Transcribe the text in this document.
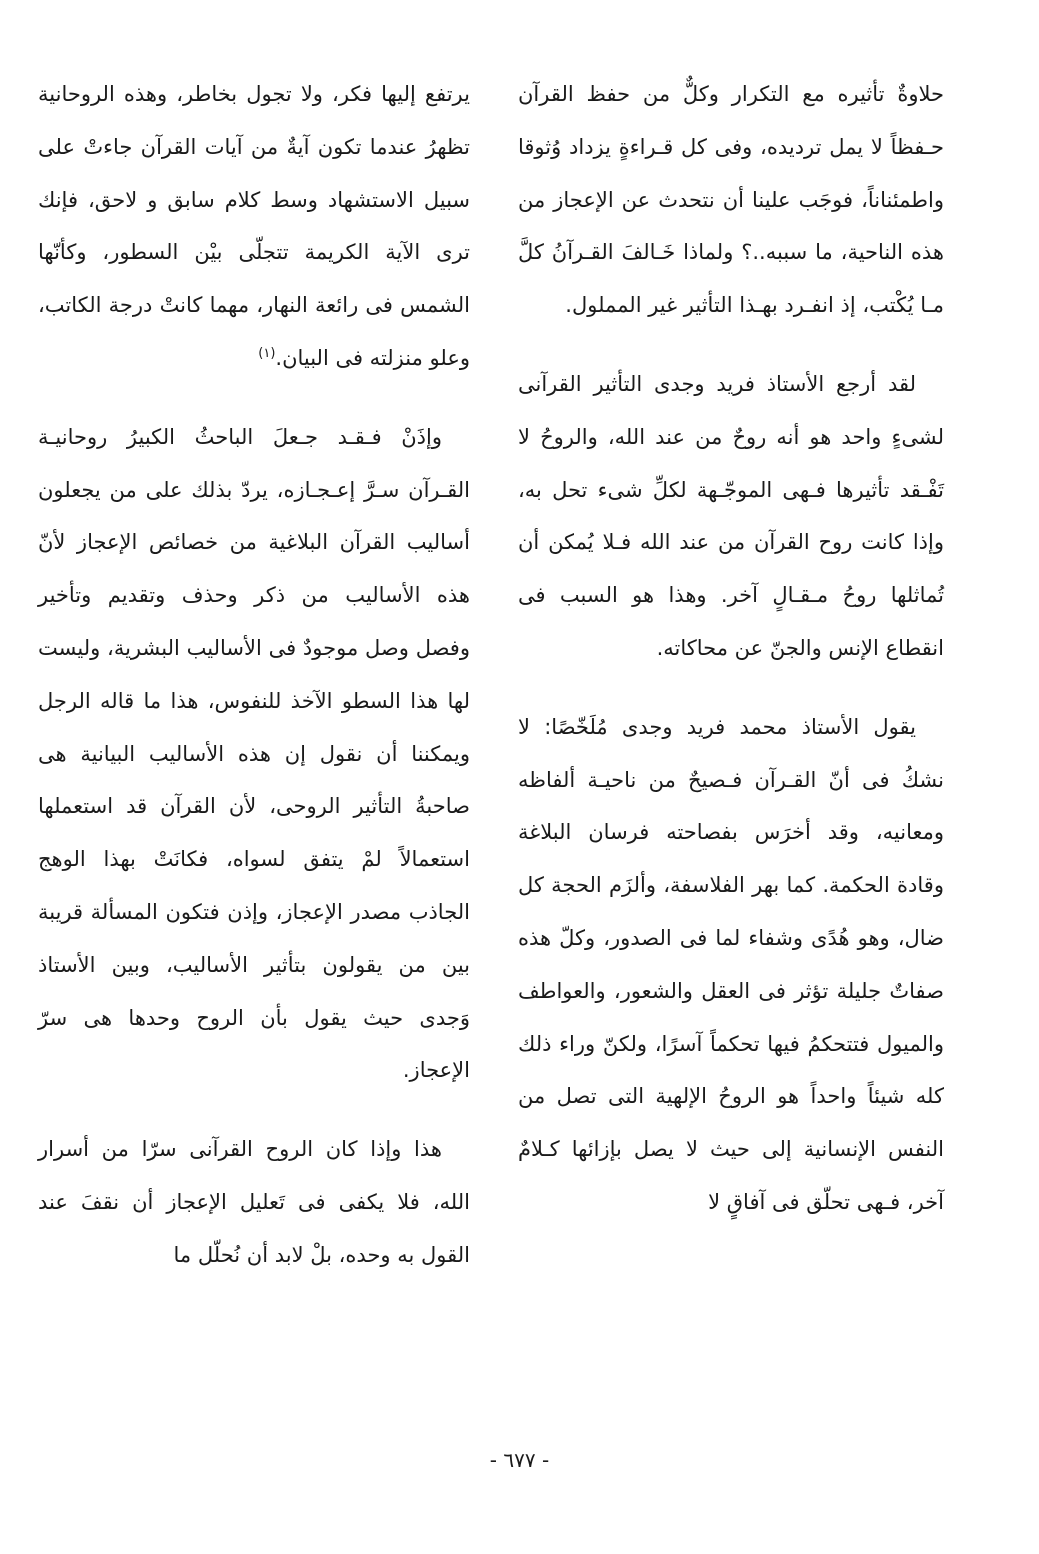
حلاوةٌ تأثيره مع التكرار وكلٌّ من حفظ القرآن حـفظاً لا يمل ترديده، وفى كل قـراءةٍ يزداد وُثوقا واطمئناناً، فوجَب علينا أن نتحدث عن الإعجاز من هذه الناحية، ما سببه..؟ ولماذا خَـالفَ القـرآنُ كلَّ مـا يُكْتب، إذ انفـرد بهـذا التأثير غير المملول.

لقد أرجع الأستاذ فريد وجدى التأثير القرآنى لشىءٍ واحد هو أنه روحٌ من عند الله، والروحُ لا تَفْـقد تأثيرها فـهى الموجّـهة لكلِّ شىء تحل به، وإذا كانت روح القرآن من عند الله فـلا يُمكن أن تُماثلها روحُ مـقـالٍ آخر. وهذا هو السبب فى انقطاع الإنس والجنّ عن محاكاته.

يقول الأستاذ محمد فريد وجدى مُلَخّصًا: لا نشكُ فى أنّ القـرآن فـصيحٌ من ناحيـة ألفاظه ومعانيه، وقد أخرَس بفصاحته فرسان البلاغة وقادة الحكمة. كما بهر الفلاسفة، وألزَم الحجة كل ضال، وهو هُدًى وشفاء لما فى الصدور، وكلّ هذه صفاتٌ جليلة تؤثر فى العقل والشعور، والعواطف والميول فتتحكمُ فيها تحكماً آسرًا، ولكنّ وراء ذلك كله شيئاً واحداً هو الروحُ الإلهية التى تصل من النفس الإنسانية إلى حيث لا يصل بإزائها كـلامٌ آخر، فـهى تحلّق فى آفاقٍ لا

يرتفع إليها فكر، ولا تجول بخاطر، وهذه الروحانية تظهرُ عندما تكون آيةٌ من آيات القرآن جاءتْ على سبيل الاستشهاد وسط كلام سابق و لاحق، فإنك ترى الآية الكريمة تتجلّى بيْن السطور، وكأنّها الشمس فى رائعة النهار، مهما كانتْ درجة الكاتب، وعلو منزلته فى البيان.$^{(١)}$

وإذَنْ فـقـد جـعلَ الباحثُ الكبيرُ روحانيـة القـرآن سـرَّ إعـجـازه، يردّ بذلك على من يجعلون أساليب القرآن البلاغية من خصائص الإعجاز لأنّ هذه الأساليب من ذكر وحذف وتقديم وتأخير وفصل وصل موجودٌ فى الأساليب البشرية، وليست لها هذا السطو الآخذ للنفوس، هذا ما قاله الرجل ويمكننا أن نقول إن هذه الأساليب البيانية هى صاحبةُ التأثير الروحى، لأن القرآن قد استعملها استعمالاً لمْ يتفق لسواه، فكانَتْ بهذا الوهج الجاذب مصدر الإعجاز، وإذن فتكون المسألة قريبة بين من يقولون بتأثير الأساليب، وبين الأستاذ وَجدى حيث يقول بأن الروح وحدها هى سرّ الإعجاز.

هذا وإذا كان الروح القرآنى سرّا من أسرار الله، فلا يكفى فى تَعليل الإعجاز أن نقفَ عند القول به وحده، بلْ لابد أن نُحلّل ما

- ٦٧٧ -
